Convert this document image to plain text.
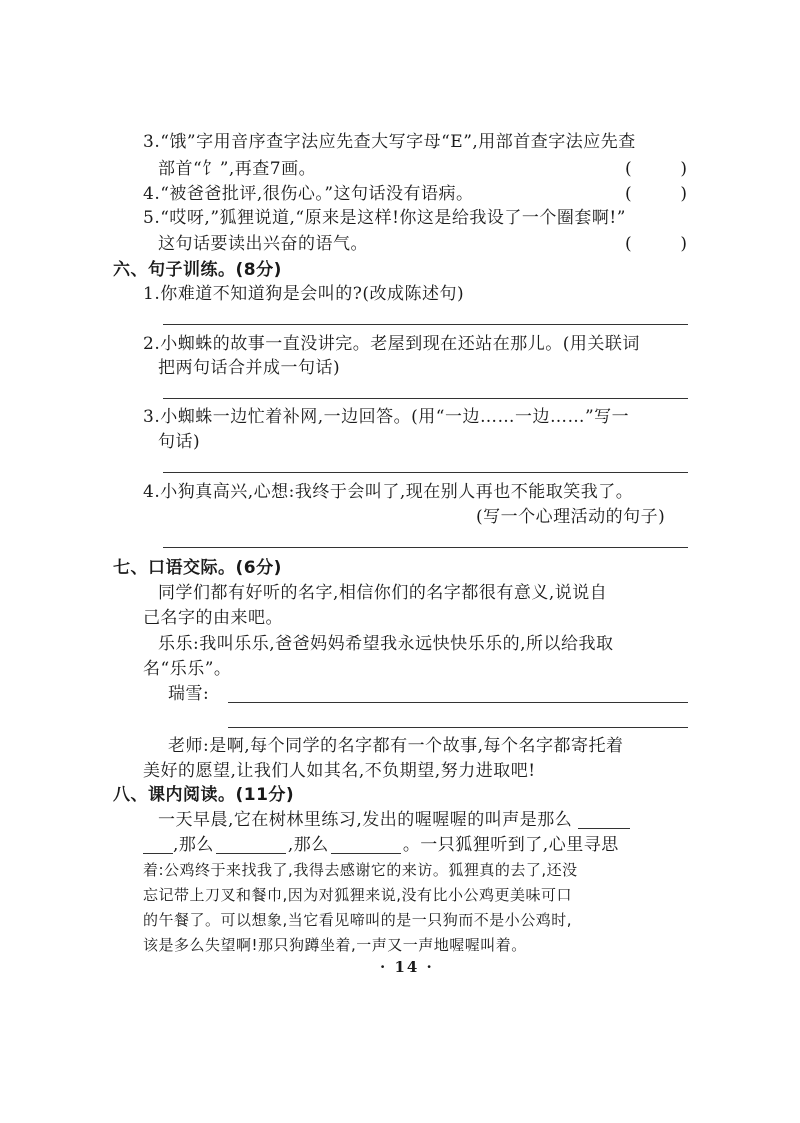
3.“饿”字用音序查字法应先查大写字母“E”,用部首查字法应先查
部首“饣”,再查7画。	(	)
4.“被爸爸批评,很伤心。”这句话没有语病。	(	)
5.“哎呀,”狐狸说道,“原来是这样!你这是给我设了一个圈套啊!”
这句话要读出兴奋的语气。	(	)
六、句子训练。(8分)
1.你难道不知道狗是会叫的?(改成陈述句)
2.小蜘蛛的故事一直没讲完。老屋到现在还站在那儿。(用关联词
把两句话合并成一句话)
3.小蜘蛛一边忙着补网,一边回答。(用“一边……一边……”写一
句话)
4.小狗真高兴,心想:我终于会叫了,现在别人再也不能取笑我了。
(写一个心理活动的句子)
七、口语交际。(6分)
同学们都有好听的名字,相信你们的名字都很有意义,说说自
己名字的由来吧。
乐乐:我叫乐乐,爸爸妈妈希望我永远快快乐乐的,所以给我取
名“乐乐”。
瑞雪:
老师:是啊,每个同学的名字都有一个故事,每个名字都寄托着
美好的愿望,让我们人如其名,不负期望,努力进取吧!
八、课内阅读。(11分)
一天早晨,它在树林里练习,发出的喔喔喔的叫声是那么
,那么	,那么	。一只狐狸听到了,心里寻思
着:公鸡终于来找我了,我得去感谢它的来访。狐狸真的去了,还没
忘记带上刀叉和餐巾,因为对狐狸来说,没有比小公鸡更美味可口
的午餐了。可以想象,当它看见啼叫的是一只狗而不是小公鸡时,
该是多么失望啊!那只狗蹲坐着,一声又一声地喔喔叫着。
· 14 ·
